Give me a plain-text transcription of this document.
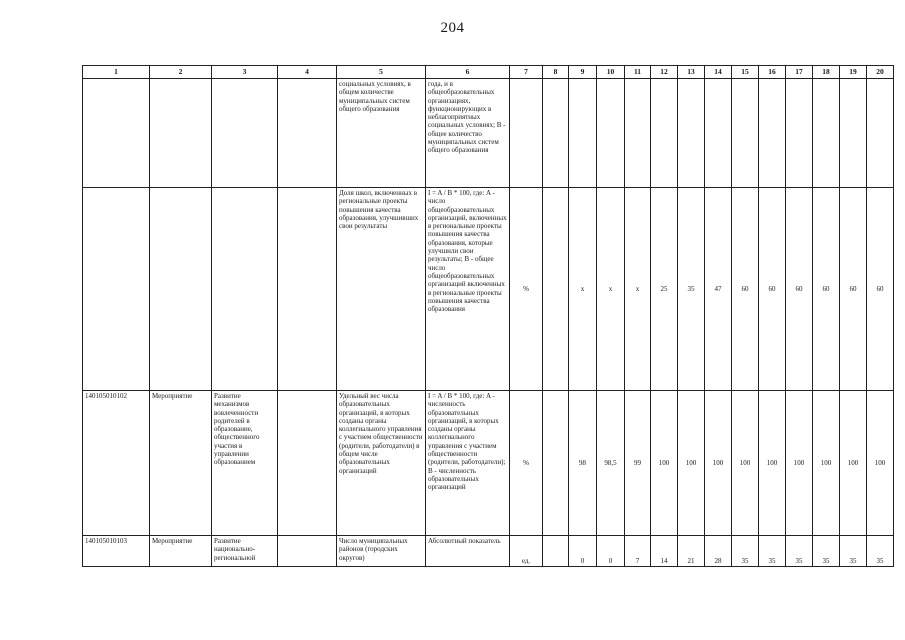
204
1	2	3	4	5	6	7	8	9	10	11	12	13	14	15	16	17	18	19	20
				социальных условиях, в общем количестве муниципальных систем общего образования	года, и в общеобразовательных организациях, функционирующих в неблагоприятных социальных условиях; В - общее количество муниципальных систем общего образования														
				Доля школ, включенных в региональные проекты повышения качества образования, улучшивших свои результаты	I = A / B * 100, где: A - число общеобразовательных организаций, включенных в региональные проекты повышения качества образования, которые улучшили свои результаты; B - общее число общеобразовательных организаций включенных в региональные проекты повышения качества образования	%		x	x	x	25	35	47	60	60	60	60	60	60
140105010102	Мероприятие	Развитие механизмов вовлеченности родителей в образование, общественного участия в управлении образованием		Удельный вес числа образовательных организаций, в которых созданы органы коллегиального управления с участием общественности (родители, работодатели) в общем числе образовательных организаций	I = A / B * 100, где: A - численность образовательных организаций, в которых созданы органы коллегиального управления с участием общественности (родители, работодатели); B - численность образовательных организаций	%		98	98,5	99	100	100	100	100	100	100	100	100	100
140105010103	Мероприятие	Развитие национально-региональной		Число муниципальных районов (городских округов)	Абсолютный показатель	ед.		0	0	7	14	21	28	35	35	35	35	35	35
